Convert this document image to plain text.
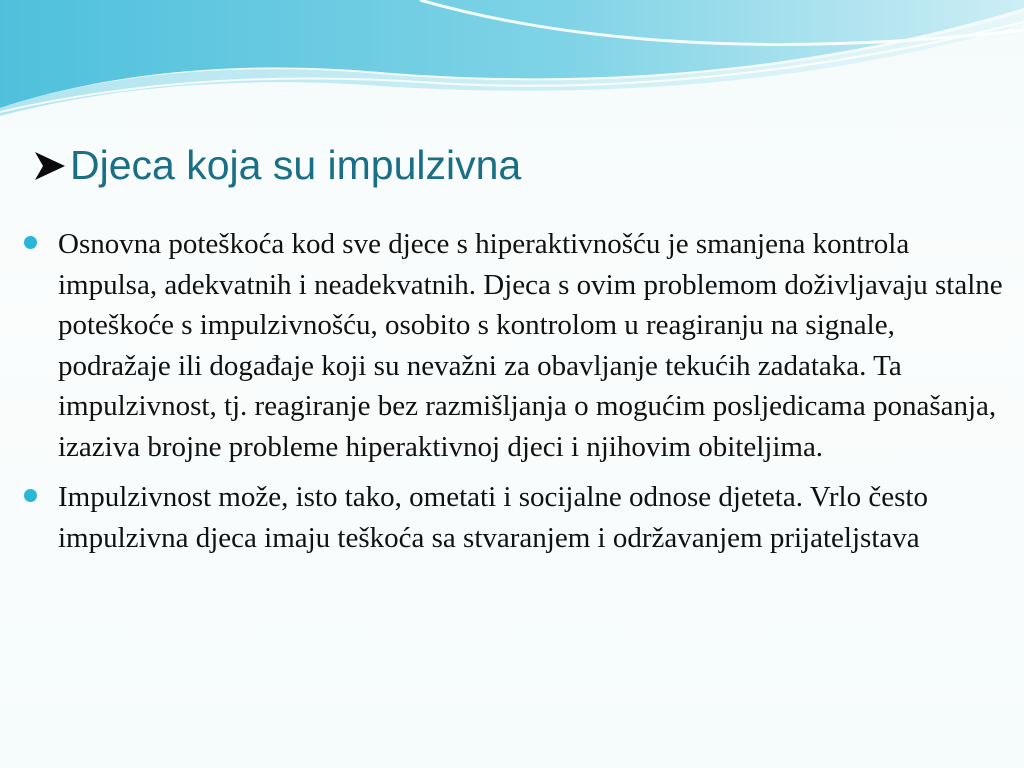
Djeca koja su impulzivna

Osnovna poteškoća kod sve djece s hiperaktivnošću je smanjena kontrola impulsa, adekvatnih i neadekvatnih. Djeca s ovim problemom doživljavaju stalne poteškoće s impulzivnošću, osobito s kontrolom u reagiranju na signale, podražaje ili događaje koji su nevažni za obavljanje tekućih zadataka. Ta impulzivnost, tj. reagiranje bez razmišljanja o mogućim posljedicama ponašanja, izaziva brojne probleme hiperaktivnoj djeci i njihovim obiteljima.

Impulzivnost može, isto tako, ometati i socijalne odnose djeteta. Vrlo često impulzivna djeca imaju teškoća sa stvaranjem i održavanjem prijateljstava
